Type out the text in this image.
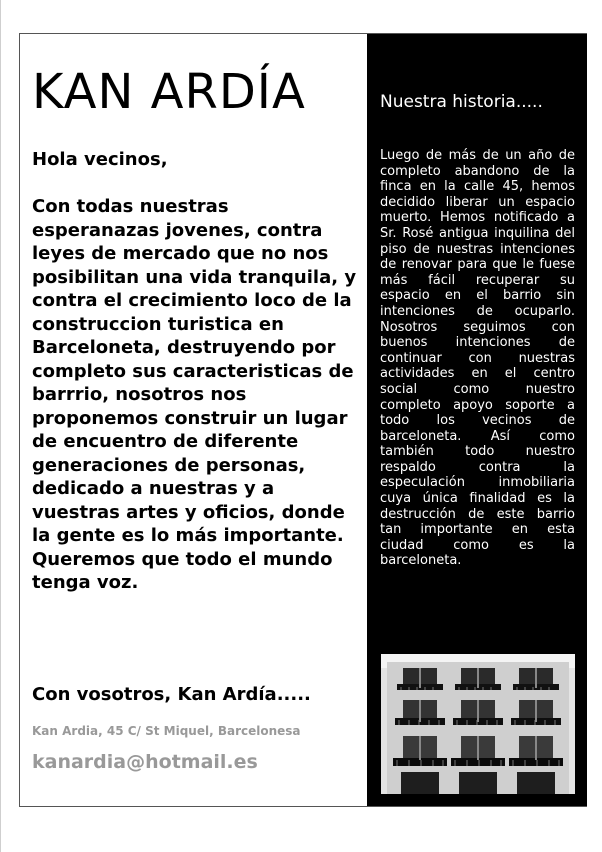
KAN ARDÍA

Hola vecinos,

Con todas nuestras esperanazas jovenes, contra leyes de mercado que no nos posibilitan una vida tranquila, y contra el crecimiento loco de la construccion turistica en Barceloneta, destruyendo por completo sus caracteristicas de barrrio, nosotros nos proponemos construir un lugar de encuentro de diferente generaciones de personas, dedicado a nuestras y a vuestras artes y oficios, donde la gente es lo más importante. Queremos que todo el mundo tenga voz.

Con vosotros, Kan Ardía.....

Kan Ardia, 45 C/ St Miquel, Barcelonesa

kanardia@hotmail.es

Nuestra historia.....

Luego de más de un año de completo abandono de la finca en la calle 45, hemos decidido liberar un espacio muerto. Hemos notificado a Sr. Rosé antigua inquilina del piso de nuestras intenciones de renovar para que le fuese más fácil recuperar su espacio en el barrio sin intenciones de ocuparlo. Nosotros seguimos con buenos intenciones de continuar con nuestras actividades en el centro social como nuestro completo apoyo soporte a todo los vecinos de barceloneta. Así como también todo nuestro respaldo contra la especulación inmobiliaria cuya única finalidad es la destrucción de este barrio tan importante en esta ciudad como es la barceloneta.
